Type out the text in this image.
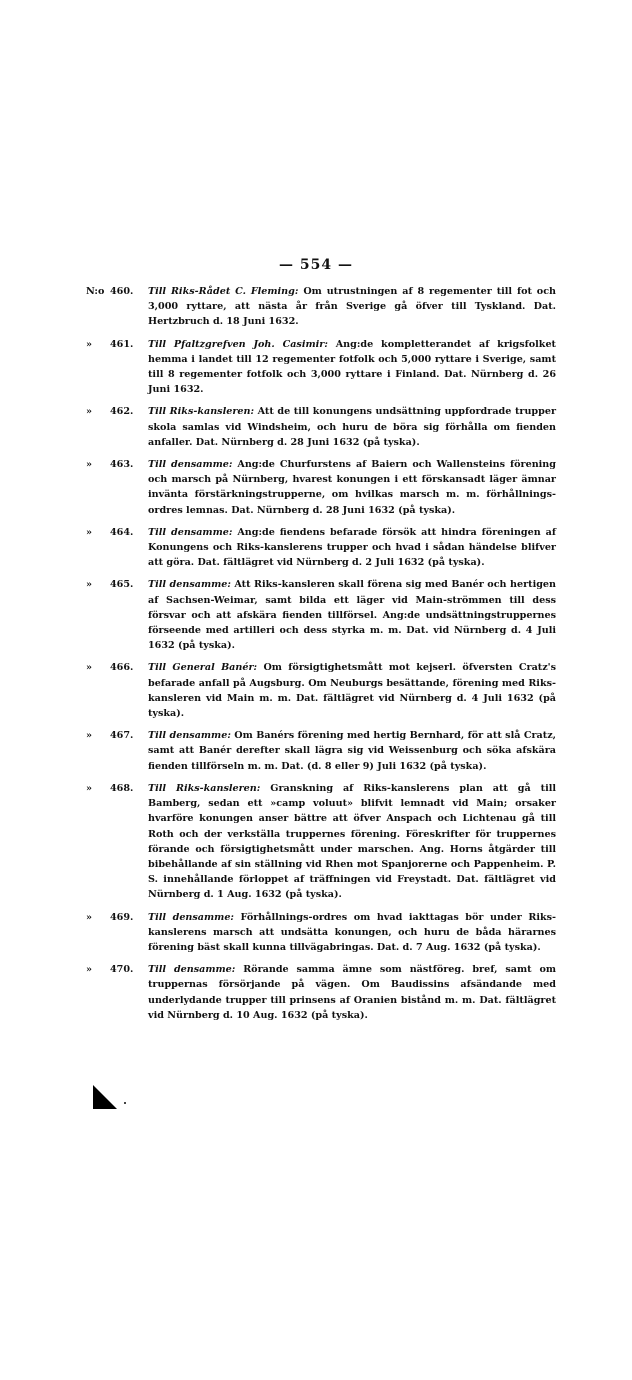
— 554 —
N:o 460.	Till Riks-Rådet C. Fleming: Om utrustningen af 8 regementer till fot och 3,000 ryttare, att nästa år från Sverige gå öfver till Tyskland. Dat. Hertzbruch d. 18 Juni 1632.
»	461.	Till Pfaltzgrefven Joh. Casimir: Ang:de kompletterandet af krigsfolket hemma i landet till 12 regementer fotfolk och 5,000 ryttare i Sverige, samt till 8 regementer fotfolk och 3,000 ryttare i Finland. Dat. Nürnberg d. 26 Juni 1632.
»	462.	Till Riks-kansleren: Att de till konungens undsättning uppfordrade trupper skola samlas vid Windsheim, och huru de böra sig förhålla om fienden anfaller. Dat. Nürnberg d. 28 Juni 1632 (på tyska).
»	463.	Till densamme: Ang:de Churfurstens af Baiern och Wallensteins förening och marsch på Nürnberg, hvarest konungen i ett förskansadt läger ämnar invänta förstärkningstrupperne, om hvilkas marsch m. m. förhållnings-ordres lemnas. Dat. Nürnberg d. 28 Juni 1632 (på tyska).
»	464.	Till densamme: Ang:de fiendens befarade försök att hindra föreningen af Konungens och Riks-kanslerens trupper och hvad i sådan händelse blifver att göra. Dat. fältlägret vid Nürnberg d. 2 Juli 1632 (på tyska).
»	465.	Till densamme: Att Riks-kansleren skall förena sig med Banér och hertigen af Sachsen-Weimar, samt bilda ett läger vid Main-strömmen till dess försvar och att afskära fienden tillförsel. Ang:de undsättningstruppernes förseende med artilleri och dess styrka m. m. Dat. vid Nürnberg d. 4 Juli 1632 (på tyska).
»	466.	Till General Banér: Om försigtighetsmått mot kejserl. öfversten Cratz's befarade anfall på Augsburg. Om Neuburgs besättande, förening med Riks-kansleren vid Main m. m. Dat. fältlägret vid Nürnberg d. 4 Juli 1632 (på tyska).
»	467.	Till densamme: Om Banérs förening med hertig Bernhard, för att slå Cratz, samt att Banér derefter skall lägra sig vid Weissenburg och söka afskära fienden tillförseln m. m. Dat. (d. 8 eller 9) Juli 1632 (på tyska).
»	468.	Till Riks-kansleren: Granskning af Riks-kanslerens plan att gå till Bamberg, sedan ett »camp voluut» blifvit lemnadt vid Main; orsaker hvarföre konungen anser bättre att öfver Anspach och Lichtenau gå till Roth och der verkställa truppernes förening. Föreskrifter för truppernes förande och försigtighetsmått under marschen. Ang. Horns åtgärder till bibehållande af sin ställning vid Rhen mot Spanjorerne och Pappenheim. P. S. innehållande förloppet af träffningen vid Freystadt. Dat. fältlägret vid Nürnberg d. 1 Aug. 1632 (på tyska).
»	469.	Till densamme: Förhållnings-ordres om hvad iakttagas bör under Riks-kanslerens marsch att undsätta konungen, och huru de båda härarnes förening bäst skall kunna tillvägabringas. Dat. d. 7 Aug. 1632 (på tyska).
»	470.	Till densamme: Rörande samma ämne som nästföreg. bref, samt om truppernas försörjande på vägen. Om Baudissins afsändande med underlydande trupper till prinsens af Oranien bistånd m. m. Dat. fältlägret vid Nürnberg d. 10 Aug. 1632 (på tyska).
